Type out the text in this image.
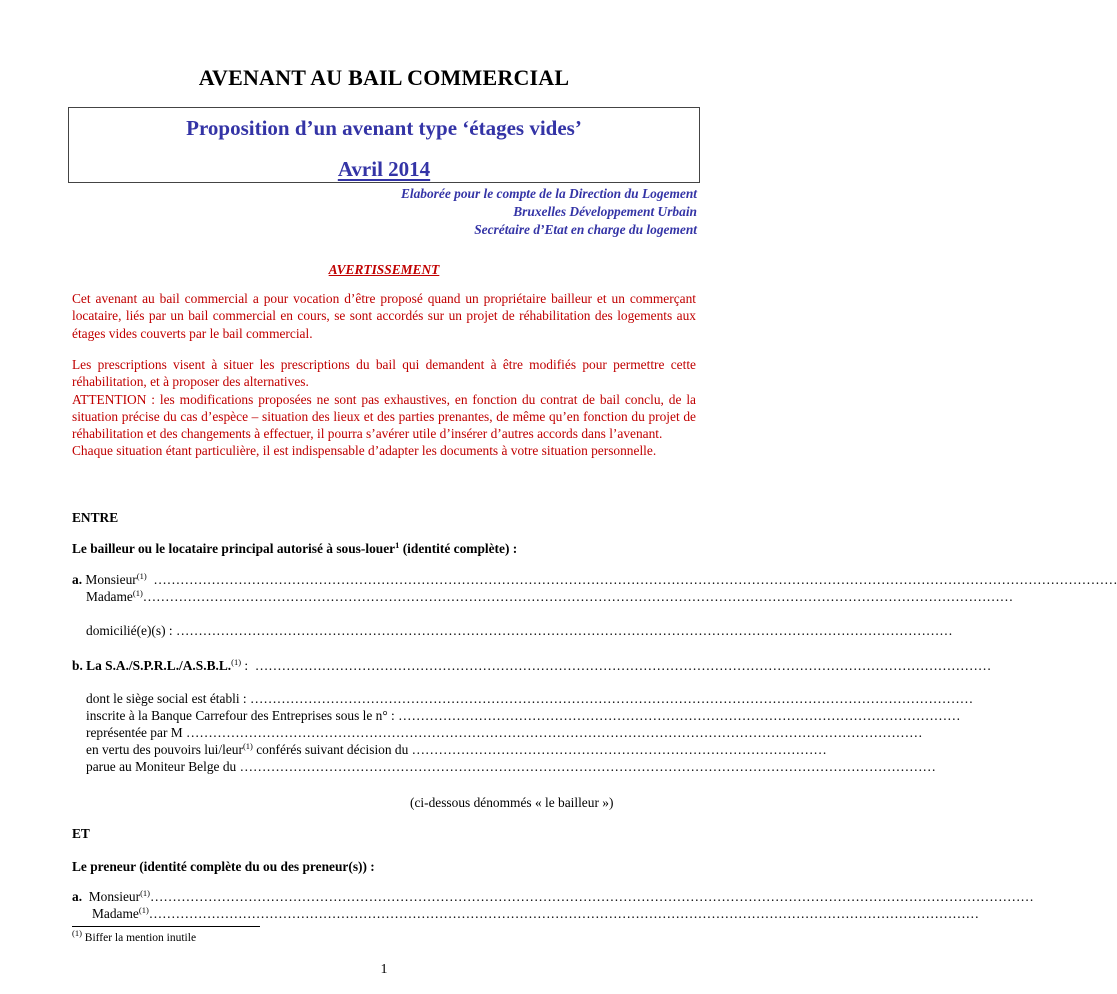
AVENANT AU BAIL COMMERCIAL
Proposition d’un avenant type ‘étages vides’
Avril 2014
Elaborée pour le compte de la Direction du Logement
Bruxelles Développement Urbain
Secrétaire d’Etat en charge du logement
AVERTISSEMENT
Cet avenant au bail commercial a pour vocation d’être proposé quand un propriétaire bailleur et un commerçant locataire, liés par un bail commercial en cours, se sont accordés sur un projet de réhabilitation des logements aux étages vides couverts par le bail commercial.
Les prescriptions visent à situer les prescriptions du bail qui demandent à être modifiés pour permettre cette réhabilitation, et à proposer des alternatives.
ATTENTION : les modifications proposées ne sont pas exhaustives, en fonction du contrat de bail conclu, de la situation précise du cas d’espèce – situation des lieux et des parties prenantes, de même qu’en fonction du projet de réhabilitation et des changements à effectuer, il pourra s’avérer utile d’insérer d’autres accords dans l’avenant.
Chaque situation étant particulière, il est indispensable d’adapter les documents à votre situation personnelle.
ENTRE
Le bailleur ou le locataire principal autorisé à sous-louer$^1$ (identité complète) :
a. Monsieur$^{(1)}$  ………………………………………………………………………………………………………………………………………………………………………………………………
Madame$^{(1)}$……………………………………………………………………………………………………………………………………………………………………………
domicilié(e)(s) : …………………………………………………………………………………………………………………………………………………………
b. La S.A./S.P.R.L./A.S.B.L.$^{(1)}$ :  …………………………………………………………………………………………………………………………………………………
dont le siège social est établi : ………………………………………………………………………………………………………………………………………………
inscrite à la Banque Carrefour des Entreprises sous le n° : ………………………………………………………………………………………………………………
représentée par M …………………………………………………………………………………………………………………………………………………
en vertu des pouvoirs lui/leur$^{(1)}$ conférés suivant décision du …………………………………………………………………………………
parue au Moniteur Belge du …………………………………………………………………………………………………………………………………………
(ci-dessous dénommés « le bailleur »)
ET
Le preneur (identité complète du ou des preneur(s)) :
a. Monsieur$^{(1)}$………………………………………………………………………………………………………………………………………………………………………………
Madame$^{(1)}$……………………………………………………………………………………………………………………………………………………………………
$^{(1)}$ Biffer la mention inutile
1
